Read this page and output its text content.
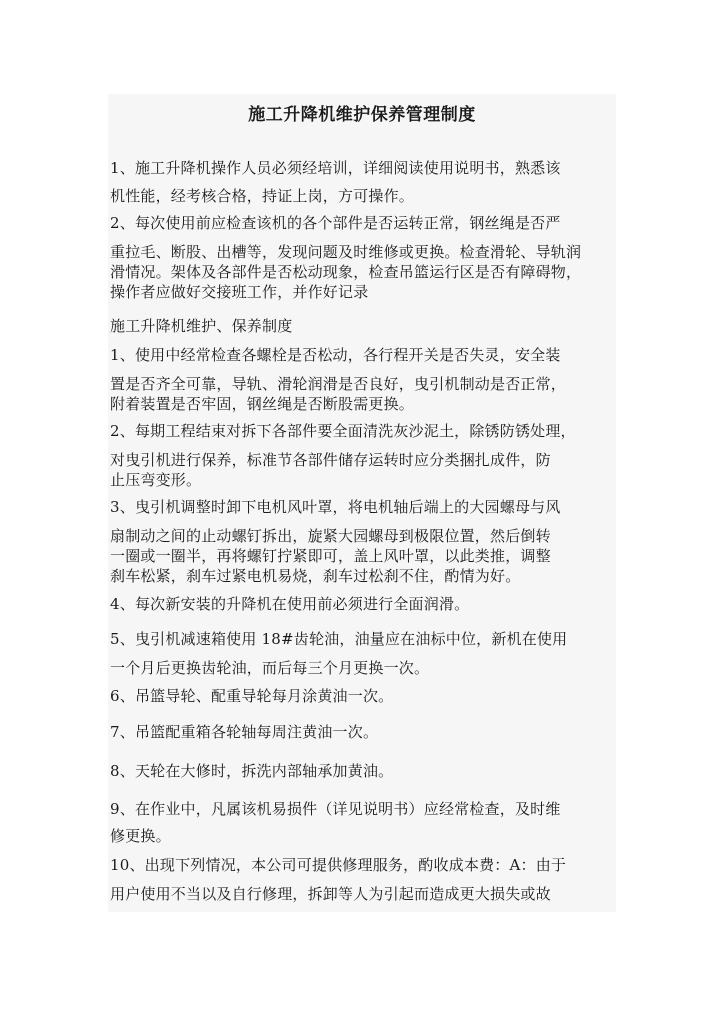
施工升降机维护保养管理制度
1、施工升降机操作人员必须经培训，详细阅读使用说明书，熟悉该
机性能，经考核合格，持证上岗，方可操作。
2、每次使用前应检查该机的各个部件是否运转正常，钢丝绳是否严
重拉毛、断股、出槽等，发现问题及时维修或更换。检查滑轮、导轨润
滑情况。架体及各部件是否松动现象，检查吊篮运行区是否有障碍物，
操作者应做好交接班工作，并作好记录
施工升降机维护、保养制度
1、使用中经常检查各螺栓是否松动，各行程开关是否失灵，安全装
置是否齐全可靠，导轨、滑轮润滑是否良好，曳引机制动是否正常，
附着装置是否牢固，钢丝绳是否断股需更换。
2、每期工程结束对拆下各部件要全面清洗灰沙泥土，除锈防锈处理，
对曳引机进行保养，标准节各部件储存运转时应分类捆扎成件，防
止压弯变形。
3、曳引机调整时卸下电机风叶罩，将电机轴后端上的大园螺母与风
扇制动之间的止动螺钉拆出，旋紧大园螺母到极限位置，然后倒转
一圈或一圈半，再将螺钉拧紧即可，盖上风叶罩，以此类推，调整
刹车松紧，刹车过紧电机易烧，刹车过松刹不住，酌情为好。
4、每次新安装的升降机在使用前必须进行全面润滑。
5、曳引机减速箱使用 18#齿轮油，油量应在油标中位，新机在使用
一个月后更换齿轮油，而后每三个月更换一次。
6、吊篮导轮、配重导轮每月涂黄油一次。
7、吊篮配重箱各轮轴每周注黄油一次。
8、天轮在大修时，拆洗内部轴承加黄油。
9、在作业中，凡属该机易损件（详见说明书）应经常检查，及时维
修更换。
10、出现下列情况，本公司可提供修理服务，酌收成本费：A：由于
用户使用不当以及自行修理，拆卸等人为引起而造成更大损失或故
